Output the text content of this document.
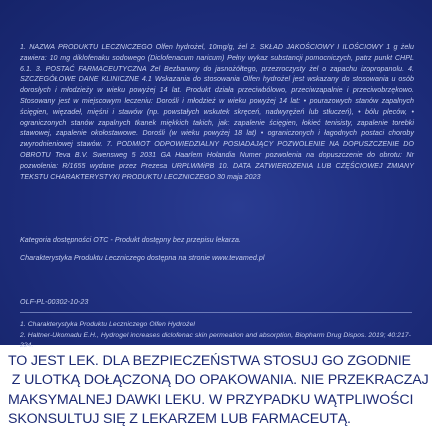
1. NAZWA PRODUKTU LECZNICZEGO Olfen hydrożel, 10mg/g, żel 2. SKŁAD JAKOŚCIOWY I ILOŚCIOWY 1 g żelu zawiera: 10 mg diklofenaku sodowego (Diclofenacum naricum) Pełny wykaz substancji pomocniczych, patrz punkt CHPL 6.1. 3. POSTAĆ FARMACEUTYCZNA Żel Bezbarwny do jasnożółtego, przezroczysty żel o zapachu izopropanolu. 4. SZCZEGÓŁOWE DANE KLINICZNE 4.1 Wskazania do stosowania Olfen hydrożel jest wskazany do stosowania u osób dorosłych i młodzieży w wieku powyżej 14 lat. Produkt działa przeciwbólowo, przeciwzapalnie i przeciwobrzękowo. Stosowany jest w miejscowym leczeniu: Dorośli i młodzież w wieku powyżej 14 lat: • pourazowych stanów zapalnych ścięgien, więzadeł, mięśni i stawów (np. powstałych wskutek skręceń, nadwyrężeń lub stłuczeń), • bólu pleców, • ograniczonych stanów zapalnych tkanek miękkich takich, jak: zapalenie ścięgien, łokieć tenisisty, zapalenie torebki stawowej, zapalenie okołostawowe. Dorośli (w wieku powyżej 18 lat) • ograniczonych i łagodnych postaci choroby zwyrodnieniowej stawów. 7. PODMIOT ODPOWIEDZIALNY POSIADAJĄCY POZWOLENIE NA DOPUSZCZENIE DO OBROTU Teva B.V. Swensweg 5 2031 GA Haarlem Holandia Numer pozwolenia na dopuszczenie do obrotu: Nr pozwolenia: R/1655 wydane przez Prezesa URPLWMiPB 10. DATA ZATWIERDZENIA LUB CZĘŚCIOWEJ ZMIANY TEKSTU CHARAKTERYSTYKI PRODUKTU LECZNICZEGO 30 maja 2023

Kategoria dostępności OTC - Produkt dostępny bez przepisu lekarza.

Charakterystyka Produktu Leczniczego dostępna na stronie www.tevamed.pl

OLF-PL-00302-10-23

1. Charakterystyka Produktu Leczniczego Olfen Hydrożel
2. Haltner-Ukomadu E.H., Hydrogel increases diclofenac skin permeation and absorption, Biopharm Drug Dispos. 2019; 40:217-224.
TO JEST LEK. DLA BEZPIECZEŃSTWA STOSUJ GO ZGODNIE
Z ULOTKĄ DOŁĄCZONĄ DO OPAKOWANIA. NIE PRZEKRACZAJ
MAKSYMALNEJ DAWKI LEKU. W PRZYPADKU WĄTPLIWOŚCI
SKONSULTUJ SIĘ Z LEKARZEM LUB FARMACEUTĄ.
